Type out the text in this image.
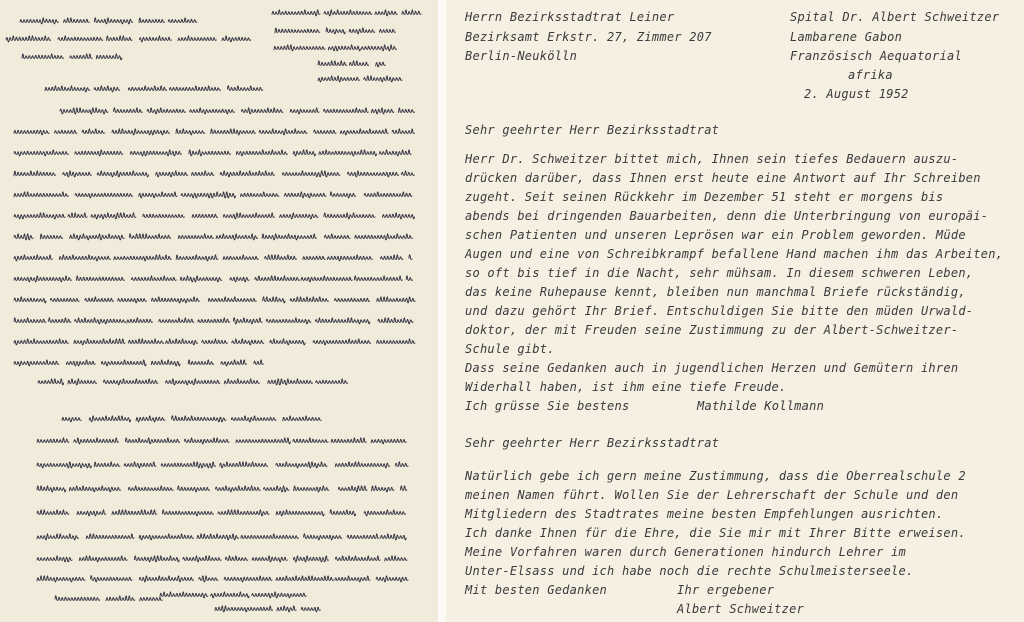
Herrn Bezirksstadtrat Leiner
Bezirksamt Erkstr. 27, Zimmer 207
Berlin-Neukölln
Spital Dr. Albert Schweitzer
Lambarene Gabon
Französisch Aequatorial
afrika
2. August 1952
Sehr geehrter Herr Bezirksstadtrat
Herr Dr. Schweitzer bittet mich, Ihnen sein tiefes Bedauern auszu-
drücken darüber, dass Ihnen erst heute eine Antwort auf Ihr Schreiben
zugeht. Seit seinen Rückkehr im Dezember 51 steht er morgens bis
abends bei dringenden Bauarbeiten, denn die Unterbringung von europäi-
schen Patienten und unseren Leprösen war ein Problem geworden. Müde
Augen und eine von Schreibkrampf befallene Hand machen ihm das Arbeiten,
so oft bis tief in die Nacht, sehr mühsam. In diesem schweren Leben,
das keine Ruhepause kennt, bleiben nun manchmal Briefe rückständig,
und dazu gehört Ihr Brief. Entschuldigen Sie bitte den müden Urwald-
doktor, der mit Freuden seine Zustimmung zu der Albert-Schweitzer-
Schule gibt.
Dass seine Gedanken auch in jugendlichen Herzen und Gemütern ihren
Widerhall haben, ist ihm eine tiefe Freude.
Ich grüsse Sie bestens	Mathilde Kollmann
Sehr geehrter Herr Bezirksstadtrat
Natürlich gebe ich gern meine Zustimmung, dass die Oberrealschule 2
meinen Namen führt. Wollen Sie der Lehrerschaft der Schule und den
Mitgliedern des Stadtrates meine besten Empfehlungen ausrichten.
Ich danke Ihnen für die Ehre, die Sie mir mit Ihrer Bitte erweisen.
Meine Vorfahren waren durch Generationen hindurch Lehrer im
Unter-Elsass und ich habe noch die rechte Schulmeisterseele.
Mit besten Gedanken	Ihr ergebener
Albert Schweitzer
